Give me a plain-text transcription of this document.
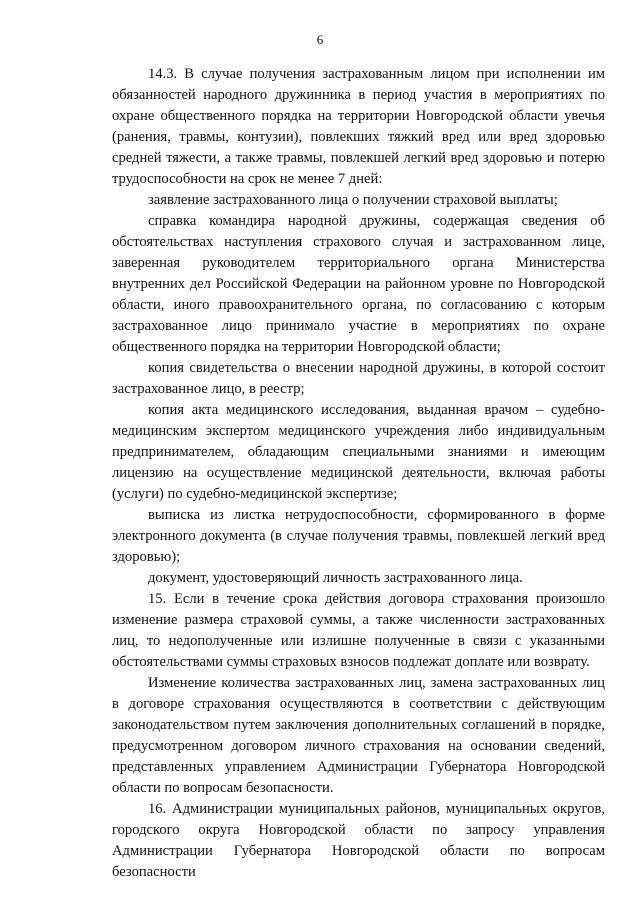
6

14.3. В случае получения застрахованным лицом при исполнении им обязанностей народного дружинника в период участия в мероприятиях по охране общественного порядка на территории Новгородской области увечья (ранения, травмы, контузии), повлекших тяжкий вред или вред здоровью средней тяжести, а также травмы, повлекшей легкий вред здоровью и потерю трудоспособности на срок не менее 7 дней:

заявление застрахованного лица о получении страховой выплаты;

справка командира народной дружины, содержащая сведения об обстоятельствах наступления страхового случая и застрахованном лице, заверенная руководителем территориального органа Министерства внутренних дел Российской Федерации на районном уровне по Новгородской области, иного правоохранительного органа, по согласованию с которым застрахованное лицо принимало участие в мероприятиях по охране общественного порядка на территории Новгородской области;

копия свидетельства о внесении народной дружины, в которой состоит застрахованное лицо, в реестр;

копия акта медицинского исследования, выданная врачом – судебно-медицинским экспертом медицинского учреждения либо индивидуальным предпринимателем, обладающим специальными знаниями и имеющим лицензию на осуществление медицинской деятельности, включая работы (услуги) по судебно-медицинской экспертизе;

выписка из листка нетрудоспособности, сформированного в форме электронного документа (в случае получения травмы, повлекшей легкий вред здоровью);

документ, удостоверяющий личность застрахованного лица.

15. Если в течение срока действия договора страхования произошло изменение размера страховой суммы, а также численности застрахованных лиц, то недополученные или излишне полученные в связи с указанными обстоятельствами суммы страховых взносов подлежат доплате или возврату.

Изменение количества застрахованных лиц, замена застрахованных лиц в договоре страхования осуществляются в соответствии с действующим законодательством путем заключения дополнительных соглашений в порядке, предусмотренном договором личного страхования на основании сведений, представленных управлением Администрации Губернатора Новгородской области по вопросам безопасности.

16. Администрации муниципальных районов, муниципальных округов, городского округа Новгородской области по запросу управления Администрации Губернатора Новгородской области по вопросам безопасности
